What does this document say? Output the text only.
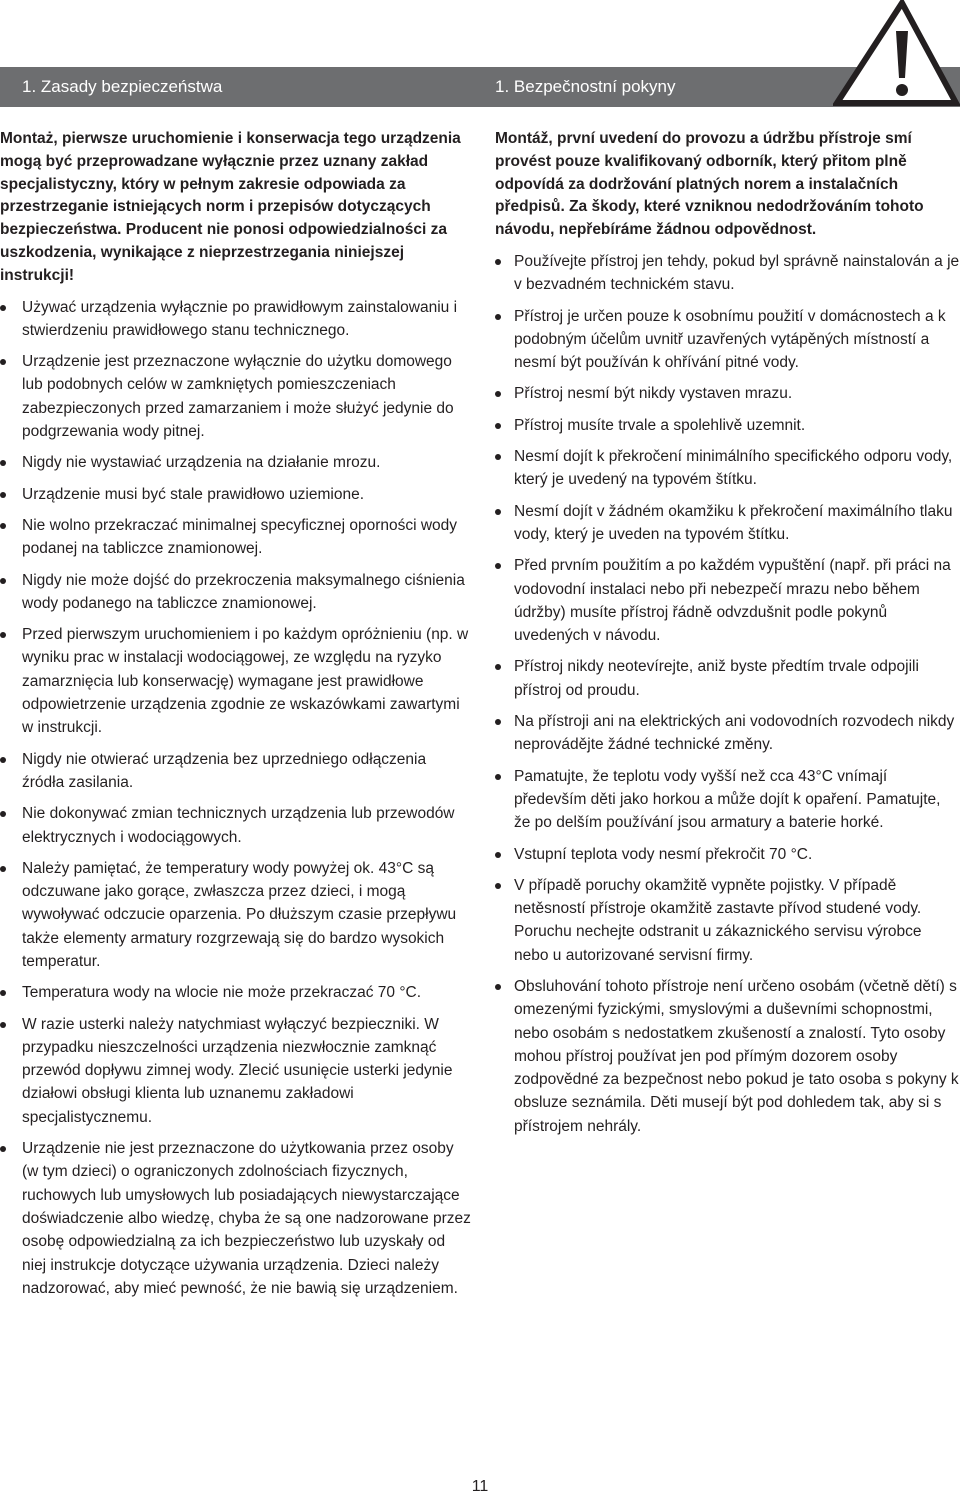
1. Zasady bezpieczeństwa	1. Bezpečnostní pokyny

Montaż, pierwsze uruchomienie i konserwacja tego urządzenia mogą być przeprowadzane wyłącznie przez uznany zakład specjalistyczny, który w pełnym zakresie odpowiada za przestrzeganie istniejących norm i przepisów dotyczących bezpieczeństwa. Producent nie ponosi odpowiedzialności za uszkodzenia, wynikające z nieprzestrzegania niniejszej instrukcji!

Używać urządzenia wyłącznie po prawidłowym zainstalowaniu i stwierdzeniu prawidłowego stanu technicznego.
Urządzenie jest przeznaczone wyłącznie do użytku domowego lub podobnych celów w zamkniętych pomieszczeniach zabezpieczonych przed zamarzaniem i może służyć jedynie do podgrzewania wody pitnej.
Nigdy nie wystawiać urządzenia na działanie mrozu.
Urządzenie musi być stale prawidłowo uziemione.
Nie wolno przekraczać minimalnej specyficznej oporności wody podanej na tabliczce znamionowej.
Nigdy nie może dojść do przekroczenia maksymalnego ciśnienia wody podanego na tabliczce znamionowej.
Przed pierwszym uruchomieniem i po każdym opróżnieniu (np. w wyniku prac w instalacji wodociągowej, ze względu na ryzyko zamarznięcia lub konserwację) wymagane jest prawidłowe odpowietrzenie urządzenia zgodnie ze wskazówkami zawartymi w instrukcji.
Nigdy nie otwierać urządzenia bez uprzedniego odłączenia źródła zasilania.
Nie dokonywać zmian technicznych urządzenia lub przewodów elektrycznych i wodociągowych.
Należy pamiętać, że temperatury wody powyżej ok. 43°C są odczuwane jako gorące, zwłaszcza przez dzieci, i mogą wywoływać odczucie oparzenia. Po dłuższym czasie przepływu także elementy armatury rozgrzewają się do bardzo wysokich temperatur.
Temperatura wody na wlocie nie może przekraczać 70 °C.
W razie usterki należy natychmiast wyłączyć bezpieczniki. W przypadku nieszczelności urządzenia niezwłocznie zamknąć przewód dopływu zimnej wody. Zlecić usunięcie usterki jedynie działowi obsługi klienta lub uznanemu zakładowi specjalistycznemu.
Urządzenie nie jest przeznaczone do użytkowania przez osoby (w tym dzieci) o ograniczonych zdolnościach fizycznych, ruchowych lub umysłowych lub posiadających niewystarczające doświadczenie albo wiedzę, chyba że są one nadzorowane przez osobę odpowiedzialną za ich bezpieczeństwo lub uzyskały od niej instrukcje dotyczące używania urządzenia. Dzieci należy nadzorować, aby mieć pewność, że nie bawią się urządzeniem.

Montáž, první uvedení do provozu a údržbu přístroje smí provést pouze kvalifikovaný odborník, který přitom plně odpovídá za dodržování platných norem a instalačních předpisů. Za škody, které vzniknou nedodržováním tohoto návodu, nepřebíráme žádnou odpovědnost.

Používejte přístroj jen tehdy, pokud byl správně nainstalován a je v bezvadném technickém stavu.
Přístroj je určen pouze k osobnímu použití v domácnostech a k podobným účelům uvnitř uzavřených vytápěných místností a nesmí být používán k ohřívání pitné vody.
Přístroj nesmí být nikdy vystaven mrazu.
Přístroj musíte trvale a spolehlivě uzemnit.
Nesmí dojít k překročení minimálního specifického odporu vody, který je uvedený na typovém štítku.
Nesmí dojít v žádném okamžiku k překročení maximálního tlaku vody, který je uveden na typovém štítku.
Před prvním použitím a po každém vypuštění (např. při práci na vodovodní instalaci nebo při nebezpečí mrazu nebo během údržby) musíte přístroj řádně odvzdušnit podle pokynů uvedených v návodu.
Přístroj nikdy neotevírejte, aniž byste předtím trvale odpojili přístroj od proudu.
Na přístroji ani na elektrických ani vodovodních rozvodech nikdy neprovádějte žádné technické změny.
Pamatujte, že teplotu vody vyšší než cca 43°C vnímají především děti jako horkou a může dojít k opaření. Pamatujte, že po delším používání jsou armatury a baterie horké.
Vstupní teplota vody nesmí překročit 70 °C.
V případě poruchy okamžitě vypněte pojistky. V případě netěsností přístroje okamžitě zastavte přívod studené vody. Poruchu nechejte odstranit u zákaznického servisu výrobce nebo u autorizované servisní firmy.
Obsluhování tohoto přístroje není určeno osobám (včetně dětí) s omezenými fyzickými, smyslovými a duševními schopnostmi, nebo osobám s nedostatkem zkušeností a znalostí. Tyto osoby mohou přístroj používat jen pod přímým dozorem osoby zodpovědné za bezpečnost nebo pokud je tato osoba s pokyny k obsluze seznámila. Děti musejí být pod dohledem tak, aby si s přístrojem nehrály.
11
